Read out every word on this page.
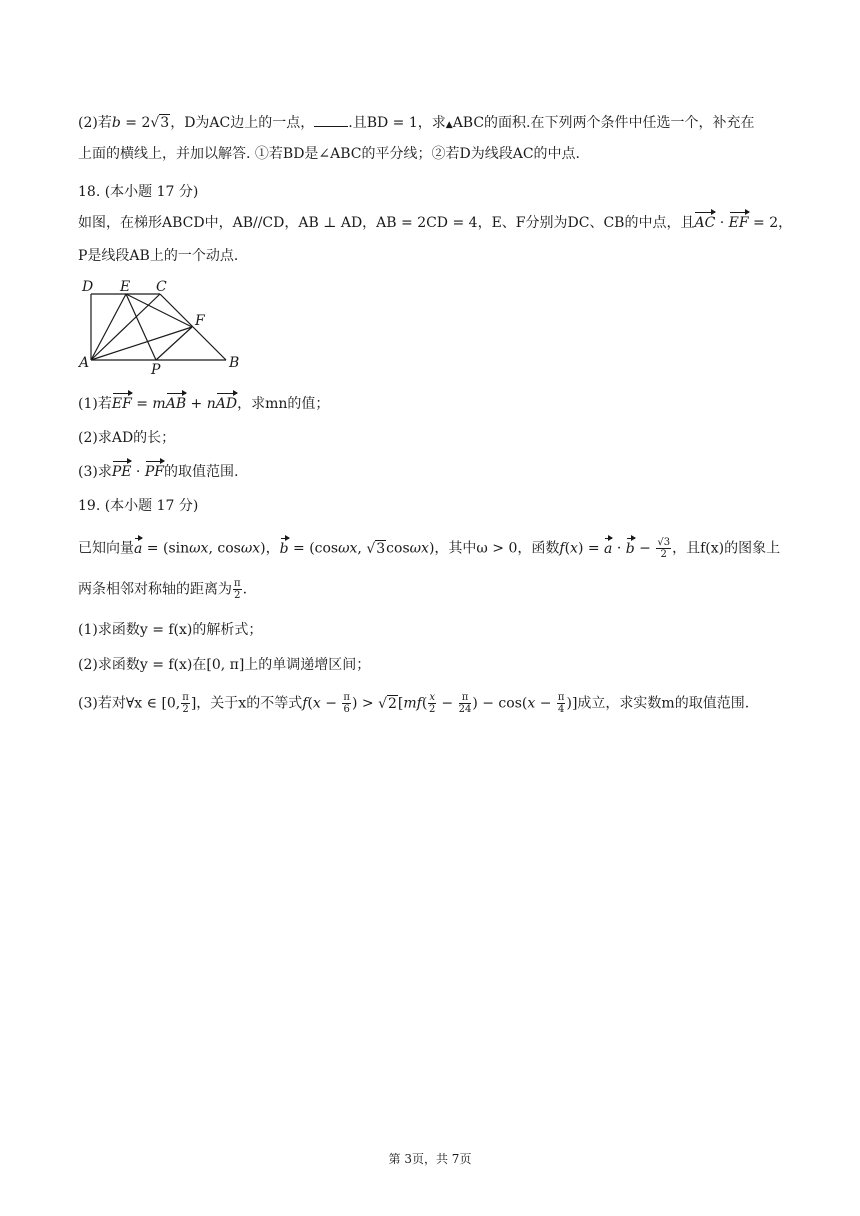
(2)若b = 2√3，D为AC边上的一点， .且BD = 1，求▲ABC的面积.在下列两个条件中任选一个，补充在
上面的横线上，并加以解答. ①若BD是∠ABC的平分线；②若D为线段AC的中点.
18. (本小题 17 分)
如图，在梯形ABCD中，AB//CD，AB ⊥ AD，AB = 2CD = 4，E、F分别为DC、CB的中点，且AC · EF = 2，
P是线段AB上的一个动点.
D E C
F
A	P	B
(1)若EF = mAB + nAD，求mn的值；
(2)求AD的长；
(3)求PE · PF的取值范围.
19. (本小题 17 分)
已知向量a = (sinωx, cosωx)，b = (cosωx, √3cosωx)，其中ω > 0，函数$f(x) = a \cdot b - \frac{√3}{2}$ ，且f(x)的图象上
两条相邻对称轴的距离为 $\frac{\pi}{2}$ .
(1)求函数y = f(x)的解析式；
(2)求函数y = f(x)在[0, π]上的单调递增区间；
(3)若对∀x ∈ [0, $\frac{\pi}{2}$ ]，关于x的不等式$f(x - \frac{\pi}{6}$ ) > $√2[mf( \frac{x}{2} - \frac{\pi}{24}$ ) − $\cos(x - \frac{\pi}{4}$ )]成立，求实数m的取值范围.
第 3页，共 7页
